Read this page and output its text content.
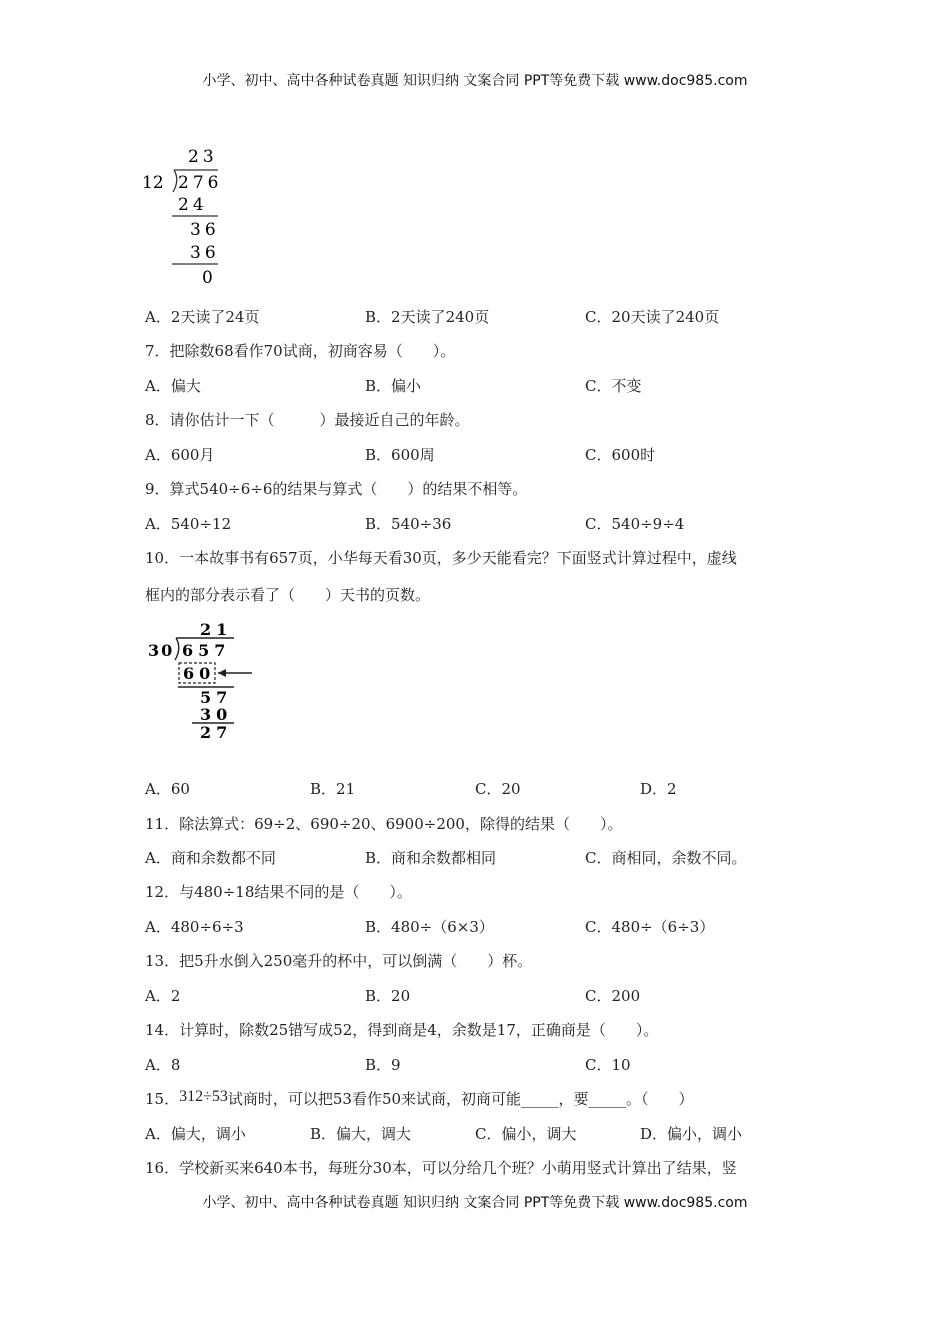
小学、初中、高中各种试卷真题 知识归纳 文案合同 PPT等免费下载 www.doc985.com
23
12 276
24
36
36
0
A．2天读了24页	B．2天读了240页	C．20天读了240页
7．把除数68看作70试商，初商容易（　　）。
A．偏大	B．偏小	C．不变
8．请你估计一下（　　　）最接近自己的年龄。
A．600月	B．600周	C．600时
9．算式540÷6÷6的结果与算式（　　）的结果不相等。
A．540÷12	B．540÷36	C．540÷9÷4
10．一本故事书有657页，小华每天看30页，多少天能看完？下面竖式计算过程中，虚线
框内的部分表示看了（　　）天书的页数。
21
30 657
60
57
30
27
A．60	B．21	C．20	D．2
11．除法算式：69÷2、690÷20、6900÷200，除得的结果（　　）。
A．商和余数都不同	B．商和余数都相同	C．商相同，余数不同。
12．与480÷18结果不同的是（　　）。
A．480÷6÷3	B．480÷（6×3）	C．480÷（6÷3）
13．把5升水倒入250毫升的杯中，可以倒满（　　）杯。
A．2	B．20	C．200
14．计算时，除数25错写成52，得到商是4，余数是17，正确商是（　　）。
A．8	B．9	C．10
15．312÷53试商时，可以把53看作50来试商，初商可能_____，要_____。（　　）
A．偏大，调小	B．偏大，调大	C．偏小，调大	D．偏小，调小
16．学校新买来640本书，每班分30本，可以分给几个班？小萌用竖式计算出了结果，竖
小学、初中、高中各种试卷真题 知识归纳 文案合同 PPT等免费下载 www.doc985.com
